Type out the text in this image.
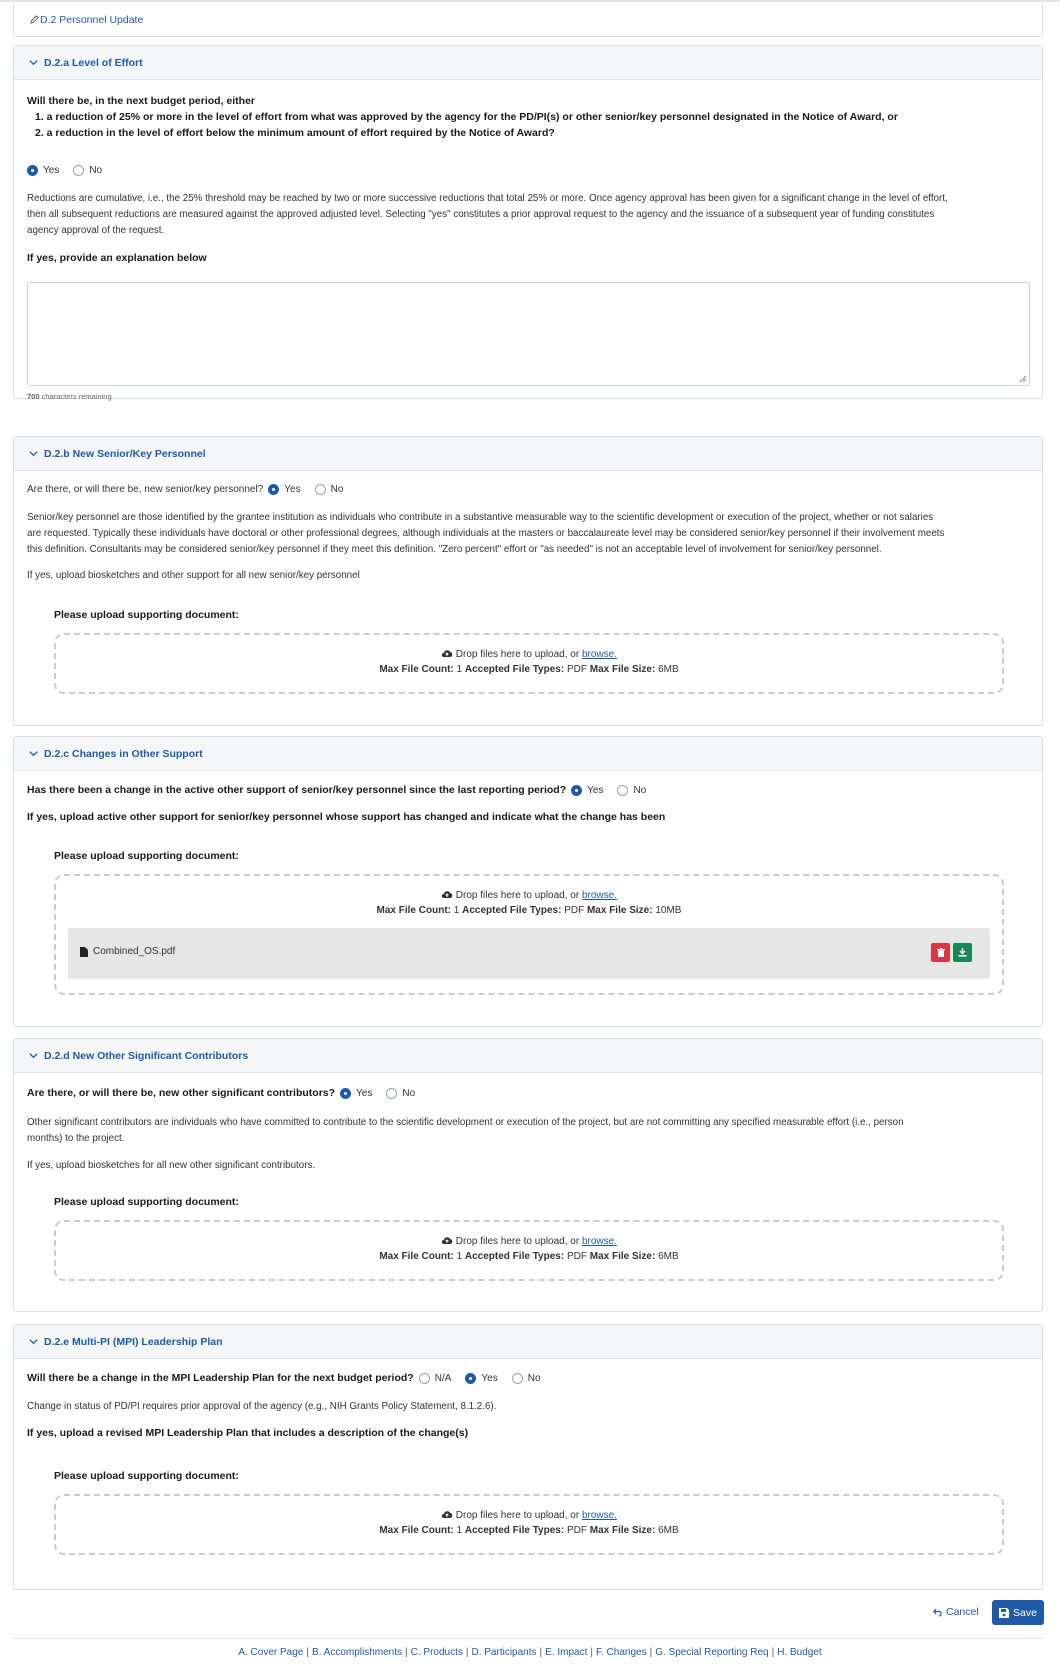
D.2 Personnel Update
D.2.a Level of Effort
Will there be, in the next budget period, either
1. a reduction of 25% or more in the level of effort from what was approved by the agency for the PD/PI(s) or other senior/key personnel designated in the Notice of Award, or
2. a reduction in the level of effort below the minimum amount of effort required by the Notice of Award?
Yes	No
Reductions are cumulative, i.e., the 25% threshold may be reached by two or more successive reductions that total 25% or more. Once agency approval has been given for a significant change in the level of effort,
then all subsequent reductions are measured against the approved adjusted level. Selecting "yes" constitutes a prior approval request to the agency and the issuance of a subsequent year of funding constitutes
agency approval of the request.
If yes, provide an explanation below
700 characters remaining
D.2.b New Senior/Key Personnel
Are there, or will there be, new senior/key personnel? Yes	No
Senior/key personnel are those identified by the grantee institution as individuals who contribute in a substantive measurable way to the scientific development or execution of the project, whether or not salaries
are requested. Typically these individuals have doctoral or other professional degrees, although individuals at the masters or baccalaureate level may be considered senior/key personnel if their involvement meets
this definition. Consultants may be considered senior/key personnel if they meet this definition. "Zero percent" effort or "as needed" is not an acceptable level of involvement for senior/key personnel.
If yes, upload biosketches and other support for all new senior/key personnel
Please upload supporting document:
Drop files here to upload, or browse.
Max File Count: 1 Accepted File Types: PDF Max File Size: 6MB
D.2.c Changes in Other Support
Has there been a change in the active other support of senior/key personnel since the last reporting period? Yes	No
If yes, upload active other support for senior/key personnel whose support has changed and indicate what the change has been
Please upload supporting document:
Drop files here to upload, or browse.
Max File Count: 1 Accepted File Types: PDF Max File Size: 10MB
Combined_OS.pdf
D.2.d New Other Significant Contributors
Are there, or will there be, new other significant contributors? Yes	No
Other significant contributors are individuals who have committed to contribute to the scientific development or execution of the project, but are not committing any specified measurable effort (i.e., person
months) to the project.
If yes, upload biosketches for all new other significant contributors.
Please upload supporting document:
Drop files here to upload, or browse.
Max File Count: 1 Accepted File Types: PDF Max File Size: 6MB
D.2.e Multi-PI (MPI) Leadership Plan
Will there be a change in the MPI Leadership Plan for the next budget period? N/A	Yes	No
Change in status of PD/PI requires prior approval of the agency (e.g., NIH Grants Policy Statement, 8.1.2.6).
If yes, upload a revised MPI Leadership Plan that includes a description of the change(s)
Please upload supporting document:
Drop files here to upload, or browse.
Max File Count: 1 Accepted File Types: PDF Max File Size: 6MB
Cancel	Save
A. Cover Page | B. Accomplishments | C. Products | D. Participants | E. Impact | F. Changes | G. Special Reporting Req | H. Budget
